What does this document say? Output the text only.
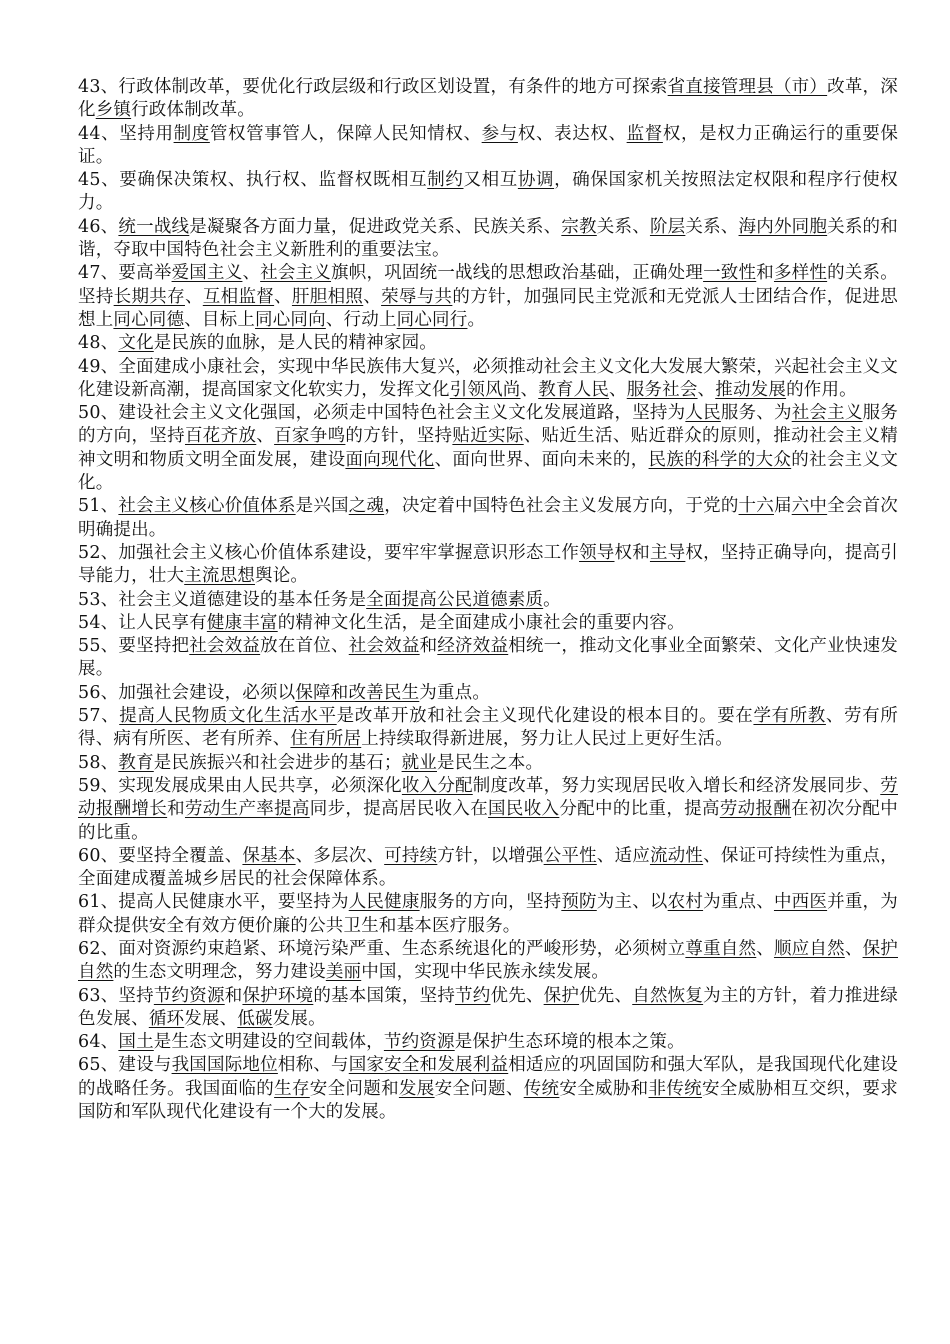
43、行政体制改革，要优化行政层级和行政区划设置，有条件的地方可探索省直接管理县（市）改革，深化乡镇行政体制改革。

44、坚持用制度管权管事管人，保障人民知情权、参与权、表达权、监督权，是权力正确运行的重要保证。

45、要确保决策权、执行权、监督权既相互制约又相互协调，确保国家机关按照法定权限和程序行使权力。

46、统一战线是凝聚各方面力量，促进政党关系、民族关系、宗教关系、阶层关系、海内外同胞关系的和谐，夺取中国特色社会主义新胜利的重要法宝。

47、要高举爱国主义、社会主义旗帜，巩固统一战线的思想政治基础，正确处理一致性和多样性的关系。坚持长期共存、互相监督、肝胆相照、荣辱与共的方针，加强同民主党派和无党派人士团结合作，促进思想上同心同德、目标上同心同向、行动上同心同行。

48、文化是民族的血脉，是人民的精神家园。

49、全面建成小康社会，实现中华民族伟大复兴，必须推动社会主义文化大发展大繁荣，兴起社会主义文化建设新高潮，提高国家文化软实力，发挥文化引领风尚、教育人民、服务社会、推动发展的作用。

50、建设社会主义文化强国，必须走中国特色社会主义文化发展道路，坚持为人民服务、为社会主义服务的方向，坚持百花齐放、百家争鸣的方针，坚持贴近实际、贴近生活、贴近群众的原则，推动社会主义精神文明和物质文明全面发展，建设面向现代化、面向世界、面向未来的，民族的科学的大众的社会主义文化。

51、社会主义核心价值体系是兴国之魂，决定着中国特色社会主义发展方向，于党的十六届六中全会首次明确提出。

52、加强社会主义核心价值体系建设，要牢牢掌握意识形态工作领导权和主导权，坚持正确导向，提高引导能力，壮大主流思想舆论。

53、社会主义道德建设的基本任务是全面提高公民道德素质。

54、让人民享有健康丰富的精神文化生活，是全面建成小康社会的重要内容。

55、要坚持把社会效益放在首位、社会效益和经济效益相统一，推动文化事业全面繁荣、文化产业快速发展。

56、加强社会建设，必须以保障和改善民生为重点。

57、提高人民物质文化生活水平是改革开放和社会主义现代化建设的根本目的。要在学有所教、劳有所得、病有所医、老有所养、住有所居上持续取得新进展，努力让人民过上更好生活。

58、教育是民族振兴和社会进步的基石；就业是民生之本。

59、实现发展成果由人民共享，必须深化收入分配制度改革，努力实现居民收入增长和经济发展同步、劳动报酬增长和劳动生产率提高同步，提高居民收入在国民收入分配中的比重，提高劳动报酬在初次分配中的比重。

60、要坚持全覆盖、保基本、多层次、可持续方针，以增强公平性、适应流动性、保证可持续性为重点，全面建成覆盖城乡居民的社会保障体系。

61、提高人民健康水平，要坚持为人民健康服务的方向，坚持预防为主、以农村为重点、中西医并重，为群众提供安全有效方便价廉的公共卫生和基本医疗服务。

62、面对资源约束趋紧、环境污染严重、生态系统退化的严峻形势，必须树立尊重自然、顺应自然、保护自然的生态文明理念，努力建设美丽中国，实现中华民族永续发展。

63、坚持节约资源和保护环境的基本国策，坚持节约优先、保护优先、自然恢复为主的方针，着力推进绿色发展、循环发展、低碳发展。

64、国土是生态文明建设的空间载体，节约资源是保护生态环境的根本之策。

65、建设与我国国际地位相称、与国家安全和发展利益相适应的巩固国防和强大军队，是我国现代化建设的战略任务。我国面临的生存安全问题和发展安全问题、传统安全威胁和非传统安全威胁相互交织，要求国防和军队现代化建设有一个大的发展。
